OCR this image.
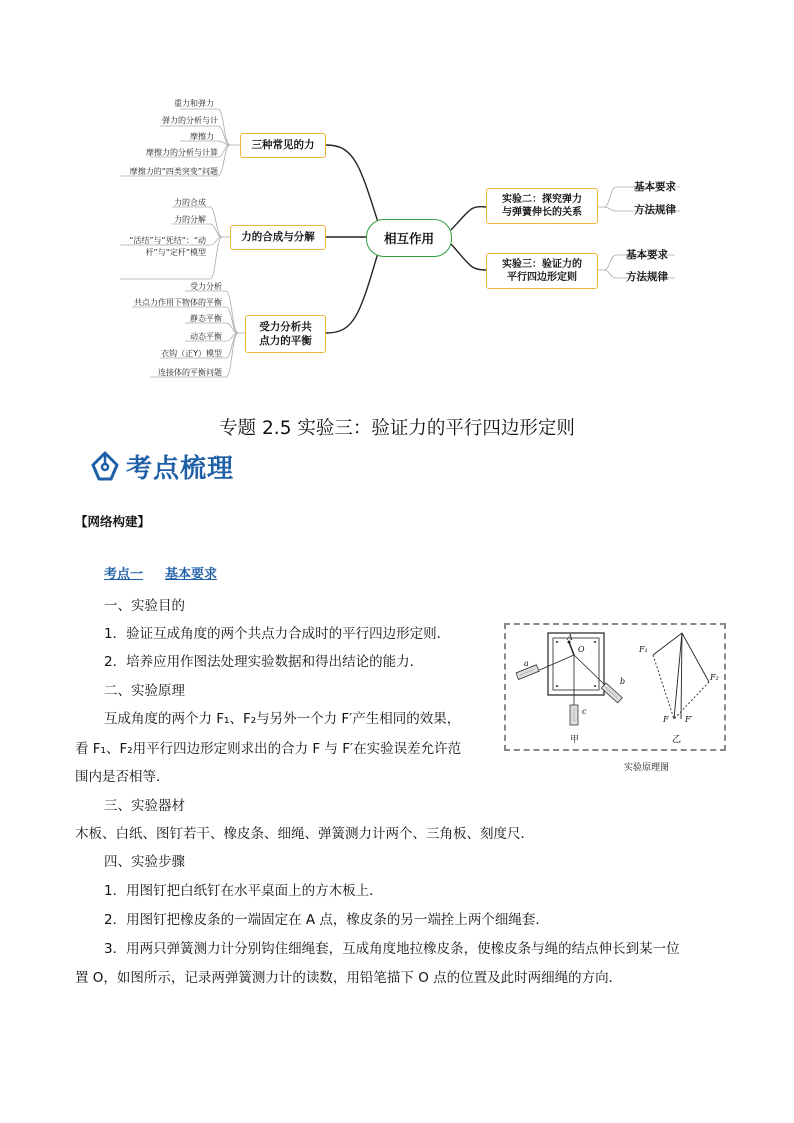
相互作用
三种常见的力
力的合成与分解
受力分析共
点力的平衡
实验二：探究弹力
与弹簧伸长的关系
实验三：验证力的
平行四边形定则
重力和弹力
弹力的分析与计
摩擦力
摩擦力的分析与计算
摩擦力的“四类突变”问题
力的合成
力的分解
“活结”与“死结”：“动
杆”与“定杆”模型
受力分析
共点力作用下物体的平衡
静态平衡
动态平衡
衣钩（正Y）模型
连接体的平衡问题
基本要求
方法规律
基本要求
方法规律
专题 2.5 实验三：验证力的平行四边形定则
考点梳理
【网络构建】
考点一 基本要求
一、实验目的
1．验证互成角度的两个共点力合成时的平行四边形定则．
2．培养应用作图法处理实验数据和得出结论的能力．
二、实验原理
互成角度的两个力 F₁、F₂与另外一个力 F′产生相同的效果，
看 F₁、F₂用平行四边形定则求出的合力 F 与 F′在实验误差允许范
围内是否相等．
三、实验器材
木板、白纸、图钉若干、橡皮条、细绳、弹簧测力计两个、三角板、刻度尺．
四、实验步骤
1．用图钉把白纸钉在水平桌面上的方木板上．
2．用图钉把橡皮条的一端固定在 A 点，橡皮条的另一端拴上两个细绳套．
3．用两只弹簧测力计分别钩住细绳套，互成角度地拉橡皮条，使橡皮条与绳的结点伸长到某一位
置 O，如图所示，记录两弹簧测力计的读数，用铅笔描下 O 点的位置及此时两细绳的方向．
A
O
a
b
c
F₁
F₂
F F′
甲	乙
实验原理图
